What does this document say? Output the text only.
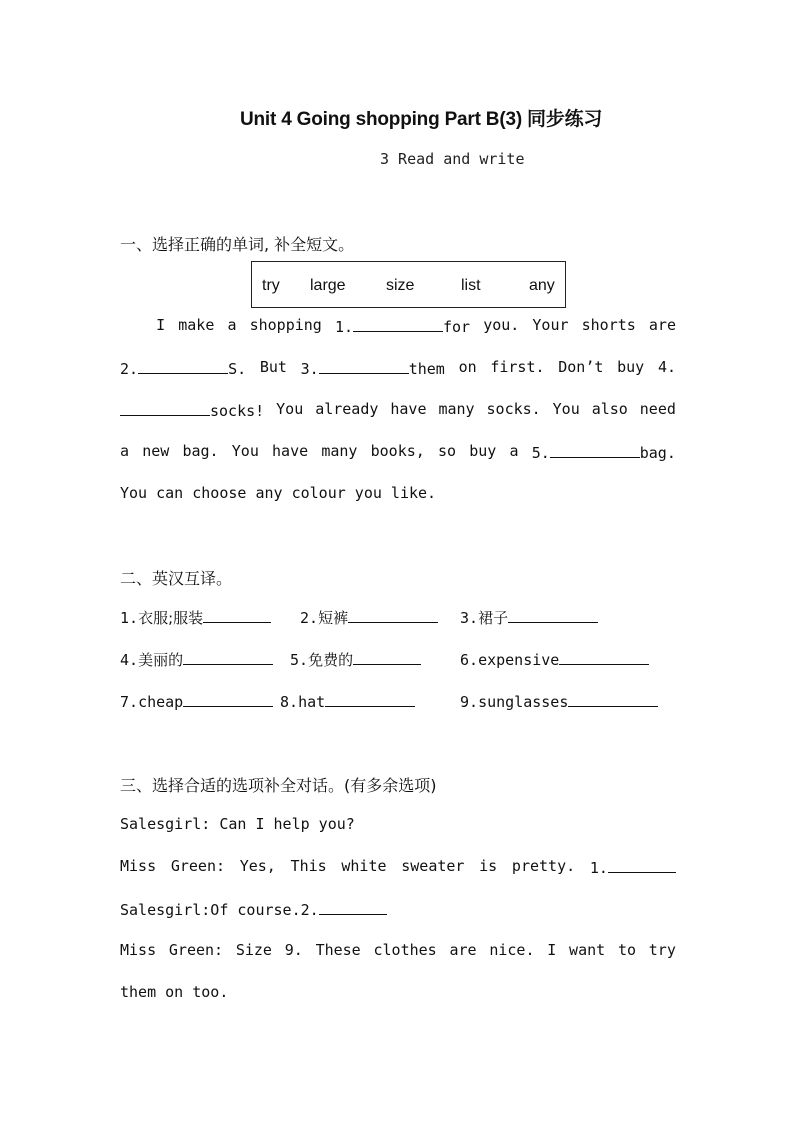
Unit 4 Going shopping Part B(3) 同步练习
3 Read and write
一、选择正确的单词, 补全短文。
try large	size	list	any
I make a shopping 1.	for you. Your shorts are
2.	S. But 3.	them on first. Don’t buy 4.
socks! You already have many socks. You also need
a new bag. You have many books, so buy a 5.	bag.
You can choose any colour you like.
二、英汉互译。
1.衣服;服装	2.短裤	3.裙子
4.美丽的	5.免费的	6.expensive
7.cheap	8.hat	9.sunglasses
三、选择合适的选项补全对话。(有多余选项)
Salesgirl: Can I help you?
Miss Green: Yes, This white sweater is pretty. 1.
Salesgirl:Of course.2.
Miss Green: Size 9. These clothes are nice. I want to try
them on too.
